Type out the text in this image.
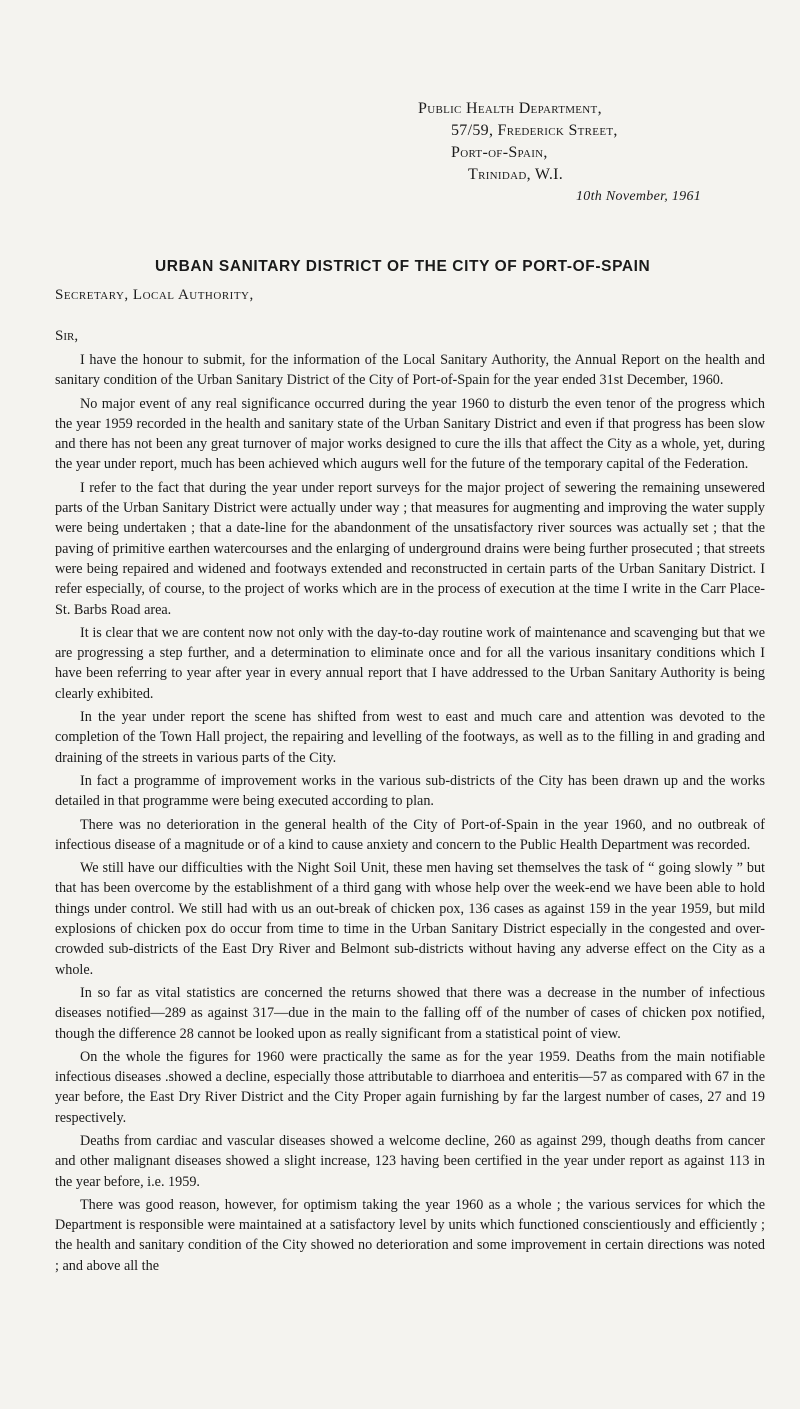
Public Health Department,
57/59, Frederick Street,
Port-of-Spain,
Trinidad, W.I.
10th November, 1961
URBAN SANITARY DISTRICT OF THE CITY OF PORT-OF-SPAIN
Secretary, Local Authority,
Sir,

I have the honour to submit, for the information of the Local Sanitary Authority, the Annual Report on the health and sanitary condition of the Urban Sanitary District of the City of Port-of-Spain for the year ended 31st December, 1960.

No major event of any real significance occurred during the year 1960 to disturb the even tenor of the progress which the year 1959 recorded in the health and sanitary state of the Urban Sanitary District and even if that progress has been slow and there has not been any great turnover of major works designed to cure the ills that affect the City as a whole, yet, during the year under report, much has been achieved which augurs well for the future of the temporary capital of the Federation.

I refer to the fact that during the year under report surveys for the major project of sewering the remaining unsewered parts of the Urban Sanitary District were actually under way ; that measures for augmenting and improving the water supply were being undertaken ; that a date-line for the abandonment of the unsatisfactory river sources was actually set ; that the paving of primitive earthen watercourses and the enlarging of underground drains were being further prosecuted ; that streets were being repaired and widened and footways extended and reconstructed in certain parts of the Urban Sanitary District. I refer especially, of course, to the project of works which are in the process of execution at the time I write in the Carr Place-St. Barbs Road area.

It is clear that we are content now not only with the day-to-day routine work of maintenance and scavenging but that we are progressing a step further, and a determination to eliminate once and for all the various insanitary conditions which I have been referring to year after year in every annual report that I have addressed to the Urban Sanitary Authority is being clearly exhibited.

In the year under report the scene has shifted from west to east and much care and attention was devoted to the completion of the Town Hall project, the repairing and levelling of the footways, as well as to the filling in and grading and draining of the streets in various parts of the City.

In fact a programme of improvement works in the various sub-districts of the City has been drawn up and the works detailed in that programme were being executed according to plan.

There was no deterioration in the general health of the City of Port-of-Spain in the year 1960, and no outbreak of infectious disease of a magnitude or of a kind to cause anxiety and concern to the Public Health Department was recorded.

We still have our difficulties with the Night Soil Unit, these men having set themselves the task of “ going slowly ” but that has been overcome by the establishment of a third gang with whose help over the week-end we have been able to hold things under control. We still had with us an out-break of chicken pox, 136 cases as against 159 in the year 1959, but mild explosions of chicken pox do occur from time to time in the Urban Sanitary District especially in the congested and over-crowded sub-districts of the East Dry River and Belmont sub-districts without having any adverse effect on the City as a whole.

In so far as vital statistics are concerned the returns showed that there was a decrease in the number of infectious diseases notified—289 as against 317—due in the main to the falling off of the number of cases of chicken pox notified, though the difference 28 cannot be looked upon as really significant from a statistical point of view.

On the whole the figures for 1960 were practically the same as for the year 1959. Deaths from the main notifiable infectious diseases .showed a decline, especially those attributable to diarrhoea and enteritis—57 as compared with 67 in the year before, the East Dry River District and the City Proper again furnishing by far the largest number of cases, 27 and 19 respectively.

Deaths from cardiac and vascular diseases showed a welcome decline, 260 as against 299, though deaths from cancer and other malignant diseases showed a slight increase, 123 having been certified in the year under report as against 113 in the year before, i.e. 1959.

There was good reason, however, for optimism taking the year 1960 as a whole ; the various services for which the Department is responsible were maintained at a satisfactory level by units which functioned conscientiously and efficiently ; the health and sanitary condition of the City showed no deterioration and some improvement in certain directions was noted ; and above all the
